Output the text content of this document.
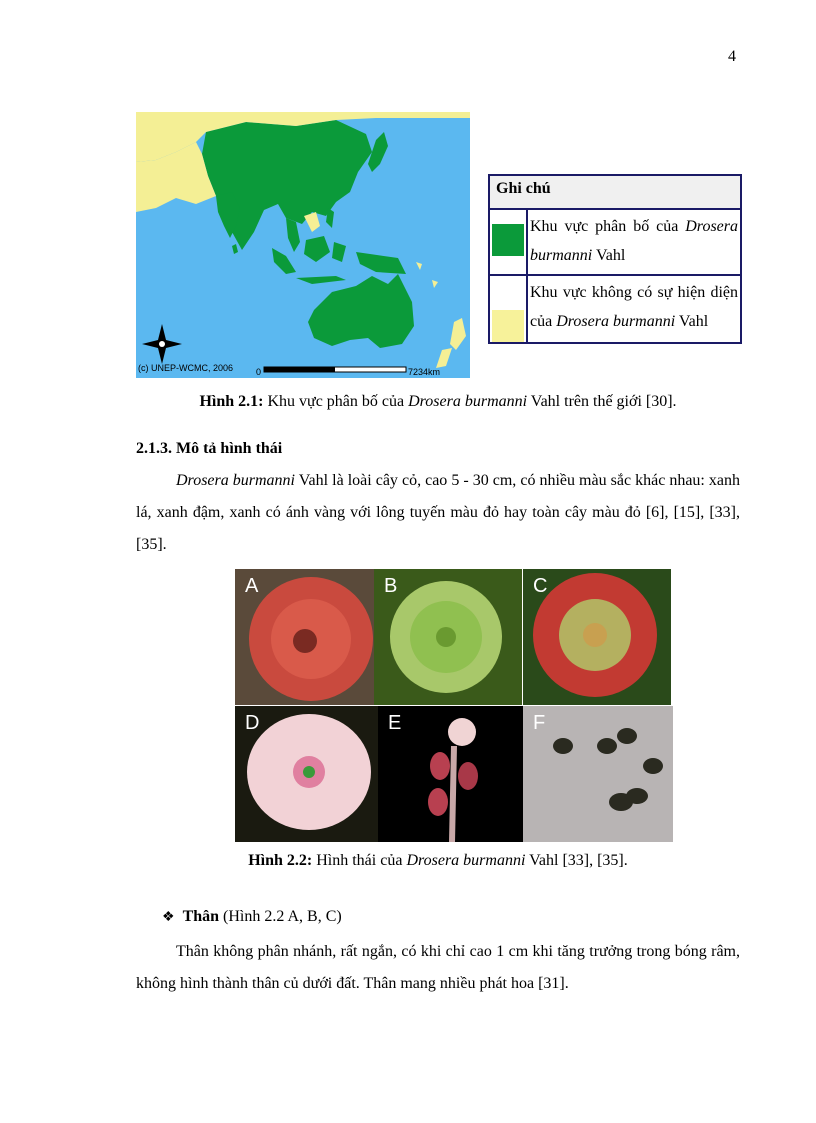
4
(c) UNEP-WCMC, 2006	0	7234km
Ghi chú	

	Khu vực phân bố của Drosera burmanni Vahl

	Khu vực không có sự hiện diện của Drosera burmanni Vahl
Hình 2.1: Khu vực phân bố của Drosera burmanni Vahl trên thế giới [30].
2.1.3. Mô tả hình thái
Drosera burmanni Vahl là loài cây cỏ, cao 5 - 30 cm, có nhiều màu sắc khác nhau: xanh lá, xanh đậm, xanh có ánh vàng với lông tuyến màu đỏ hay toàn cây màu đỏ [6], [15], [33], [35].
A	B	C
D	E	F
Hình 2.2: Hình thái của Drosera burmanni Vahl [33], [35].
❖ Thân (Hình 2.2 A, B, C)
Thân không phân nhánh, rất ngắn, có khi chỉ cao 1 cm khi tăng trưởng trong bóng râm, không hình thành thân củ dưới đất. Thân mang nhiều phát hoa [31].
